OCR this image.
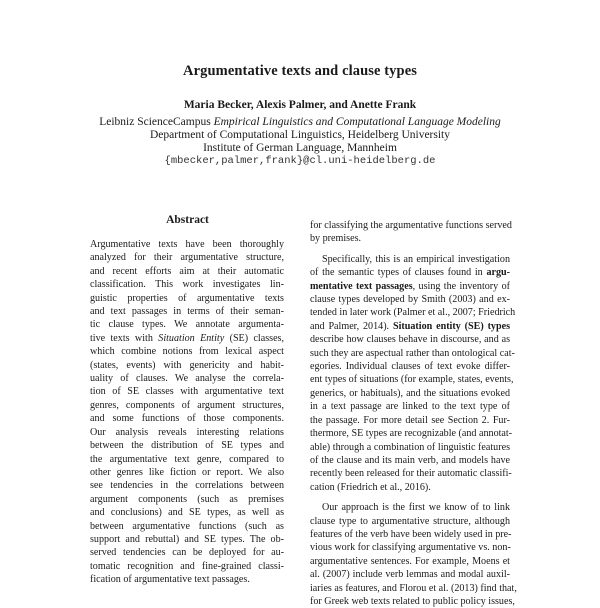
Argumentative texts and clause types
Maria Becker, Alexis Palmer, and Anette Frank
Leibniz ScienceCampus Empirical Linguistics and Computational Language Modeling
Department of Computational Linguistics, Heidelberg University
Institute of German Language, Mannheim
{mbecker,palmer,frank}@cl.uni-heidelberg.de
Abstract
Argumentative texts have been thoroughly
analyzed for their argumentative structure,
and recent efforts aim at their automatic
classification. This work investigates lin-
guistic properties of argumentative texts
and text passages in terms of their seman-
tic clause types. We annotate argumenta-
tive texts with Situation Entity (SE) classes,
which combine notions from lexical aspect
(states, events) with genericity and habit-
uality of clauses. We analyse the correla-
tion of SE classes with argumentative text
genres, components of argument structures,
and some functions of those components.
Our analysis reveals interesting relations
between the distribution of SE types and
the argumentative text genre, compared to
other genres like fiction or report. We also
see tendencies in the correlations between
argument components (such as premises
and conclusions) and SE types, as well as
between argumentative functions (such as
support and rebuttal) and SE types. The ob-
served tendencies can be deployed for au-
tomatic recognition and fine-grained classi-
fication of argumentative text passages.
for classifying the argumentative functions served
by premises.
Specifically, this is an empirical investigation
of the semantic types of clauses found in argu-
mentative text passages, using the inventory of
clause types developed by Smith (2003) and ex-
tended in later work (Palmer et al., 2007; Friedrich
and Palmer, 2014). Situation entity (SE) types
describe how clauses behave in discourse, and as
such they are aspectual rather than ontological cat-
egories. Individual clauses of text evoke differ-
ent types of situations (for example, states, events,
generics, or habituals), and the situations evoked
in a text passage are linked to the text type of
the passage. For more detail see Section 2. Fur-
thermore, SE types are recognizable (and annotat-
able) through a combination of linguistic features
of the clause and its main verb, and models have
recently been released for their automatic classifi-
cation (Friedrich et al., 2016).
Our approach is the first we know of to link
clause type to argumentative structure, although
features of the verb have been widely used in pre-
vious work for classifying argumentative vs. non-
argumentative sentences. For example, Moens et
al. (2007) include verb lemmas and modal auxil-
iaries as features, and Florou et al. (2013) find that,
for Greek web texts related to public policy issues,
